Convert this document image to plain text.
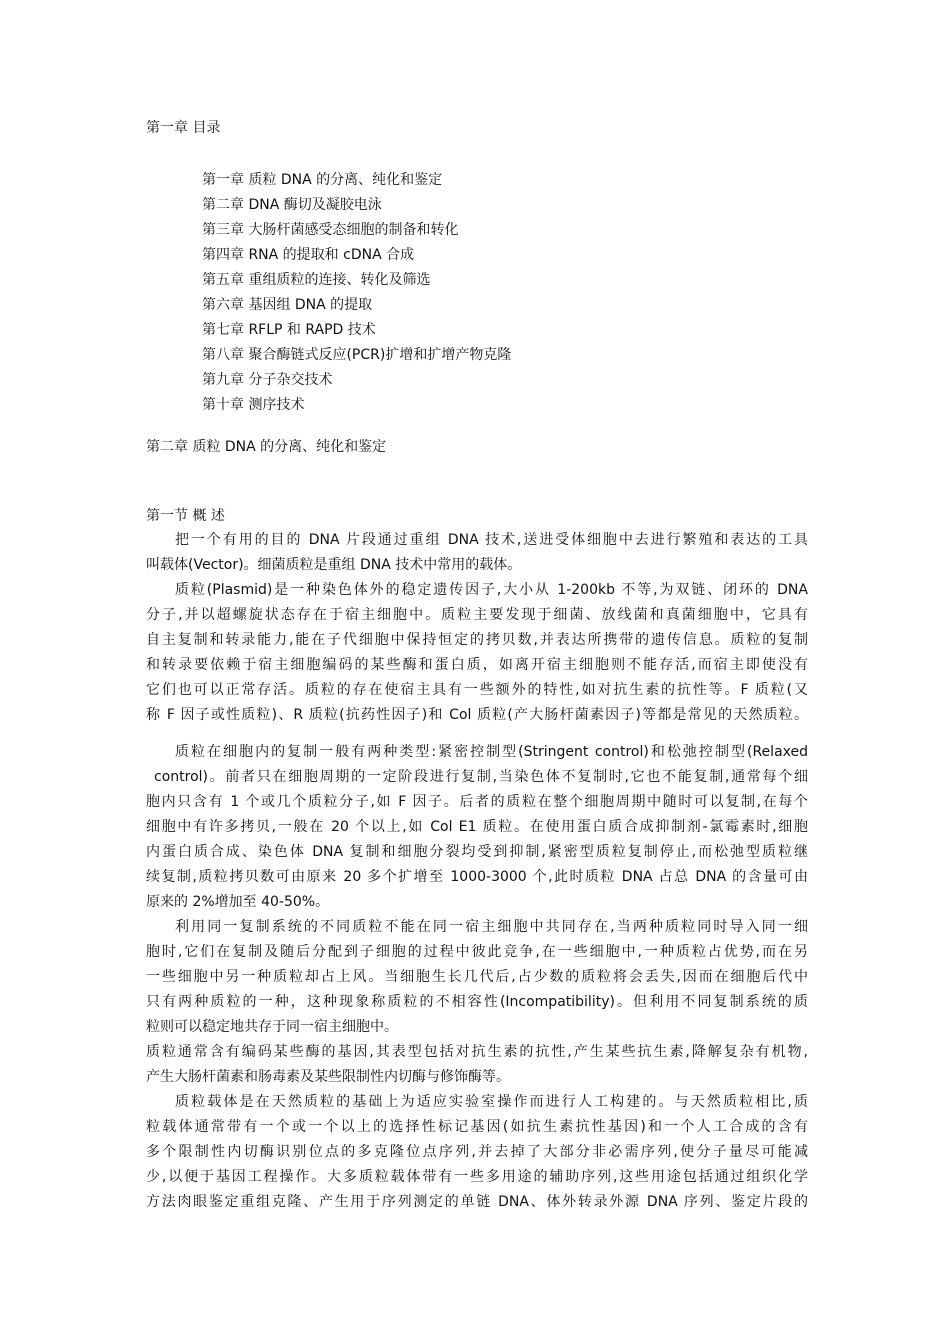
第一章 目录
第一章 质粒 DNA 的分离、纯化和鉴定
第二章 DNA 酶切及凝胶电泳
第三章 大肠杆菌感受态细胞的制备和转化
第四章 RNA 的提取和 cDNA 合成
第五章 重组质粒的连接、转化及筛选
第六章 基因组 DNA 的提取
第七章 RFLP 和 RAPD 技术
第八章 聚合酶链式反应(PCR)扩增和扩增产物克隆
第九章 分子杂交技术
第十章 测序技术
第二章 质粒 DNA 的分离、纯化和鉴定
第一节 概 述
把一个有用的目的 DNA 片段通过重组 DNA 技术,送进受体细胞中去进行繁殖和表达的工具
叫载体(Vector)。细菌质粒是重组 DNA 技术中常用的载体。
质粒(Plasmid)是一种染色体外的稳定遗传因子,大小从 1-200kb 不等,为双链、闭环的 DNA
分子,并以超螺旋状态存在于宿主细胞中。质粒主要发现于细菌、放线菌和真菌细胞中，它具有
自主复制和转录能力,能在子代细胞中保持恒定的拷贝数,并表达所携带的遗传信息。质粒的复制
和转录要依赖于宿主细胞编码的某些酶和蛋白质，如离开宿主细胞则不能存活,而宿主即使没有
它们也可以正常存活。质粒的存在使宿主具有一些额外的特性,如对抗生素的抗性等。F 质粒(又
称 F 因子或性质粒)、R 质粒(抗药性因子)和 Col 质粒(产大肠杆菌素因子)等都是常见的天然质粒。
质粒在细胞内的复制一般有两种类型:紧密控制型(Stringent control)和松弛控制型(Relaxed
control)。前者只在细胞周期的一定阶段进行复制,当染色体不复制时,它也不能复制,通常每个细
胞内只含有 1 个或几个质粒分子,如 F 因子。后者的质粒在整个细胞周期中随时可以复制,在每个
细胞中有许多拷贝,一般在 20 个以上,如 Col E1 质粒。在使用蛋白质合成抑制剂-氯霉素时,细胞
内蛋白质合成、染色体 DNA 复制和细胞分裂均受到抑制,紧密型质粒复制停止,而松弛型质粒继
续复制,质粒拷贝数可由原来 20 多个扩增至 1000-3000 个,此时质粒 DNA 占总 DNA 的含量可由
原来的 2%增加至 40-50%。
利用同一复制系统的不同质粒不能在同一宿主细胞中共同存在,当两种质粒同时导入同一细
胞时,它们在复制及随后分配到子细胞的过程中彼此竞争,在一些细胞中,一种质粒占优势,而在另
一些细胞中另一种质粒却占上风。当细胞生长几代后,占少数的质粒将会丢失,因而在细胞后代中
只有两种质粒的一种，这种现象称质粒的不相容性(Incompatibility)。但利用不同复制系统的质
粒则可以稳定地共存于同一宿主细胞中。
质粒通常含有编码某些酶的基因,其表型包括对抗生素的抗性,产生某些抗生素,降解复杂有机物,
产生大肠杆菌素和肠毒素及某些限制性内切酶与修饰酶等。
质粒载体是在天然质粒的基础上为适应实验室操作而进行人工构建的。与天然质粒相比,质
粒载体通常带有一个或一个以上的选择性标记基因(如抗生素抗性基因)和一个人工合成的含有
多个限制性内切酶识别位点的多克隆位点序列,并去掉了大部分非必需序列,使分子量尽可能减
少,以便于基因工程操作。大多质粒载体带有一些多用途的辅助序列,这些用途包括通过组织化学
方法肉眼鉴定重组克隆、产生用于序列测定的单链 DNA、体外转录外源 DNA 序列、鉴定片段的
